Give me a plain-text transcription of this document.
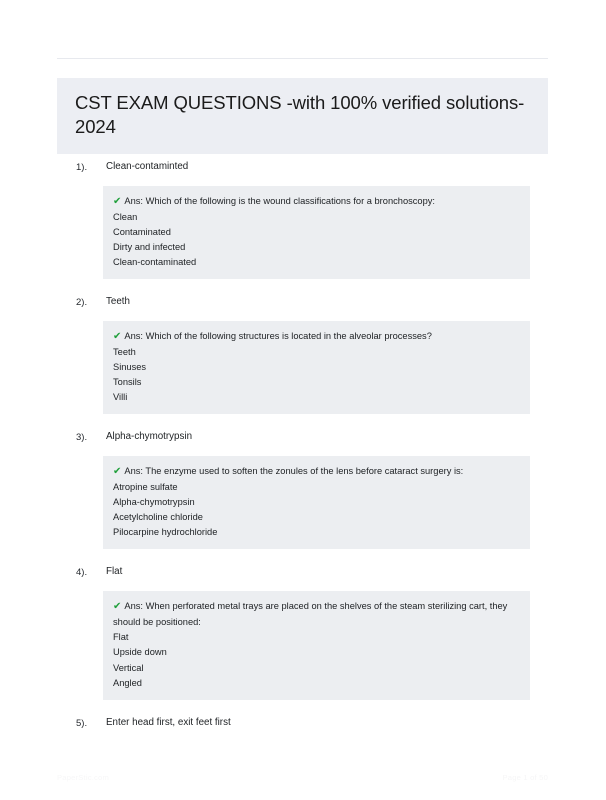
CST EXAM QUESTIONS -with 100% verified solutions-2024
1).	Clean-contaminted
✔ Ans: Which of the following is the wound classifications for a bronchoscopy:
Clean
Contaminated
Dirty and infected
Clean-contaminated
2).	Teeth
✔ Ans: Which of the following structures is located in the alveolar processes?
Teeth
Sinuses
Tonsils
Villi
3).	Alpha-chymotrypsin
✔ Ans: The enzyme used to soften the zonules of the lens before cataract surgery is:
Atropine sulfate
Alpha-chymotrypsin
Acetylcholine chloride
Pilocarpine hydrochloride
4).	Flat
✔ Ans: When perforated metal trays are placed on the shelves of the steam sterilizing cart, they should be positioned:
Flat
Upside down
Vertical
Angled
5).	Enter head first, exit feet first
PaperStic.com	Page 1 of 50
